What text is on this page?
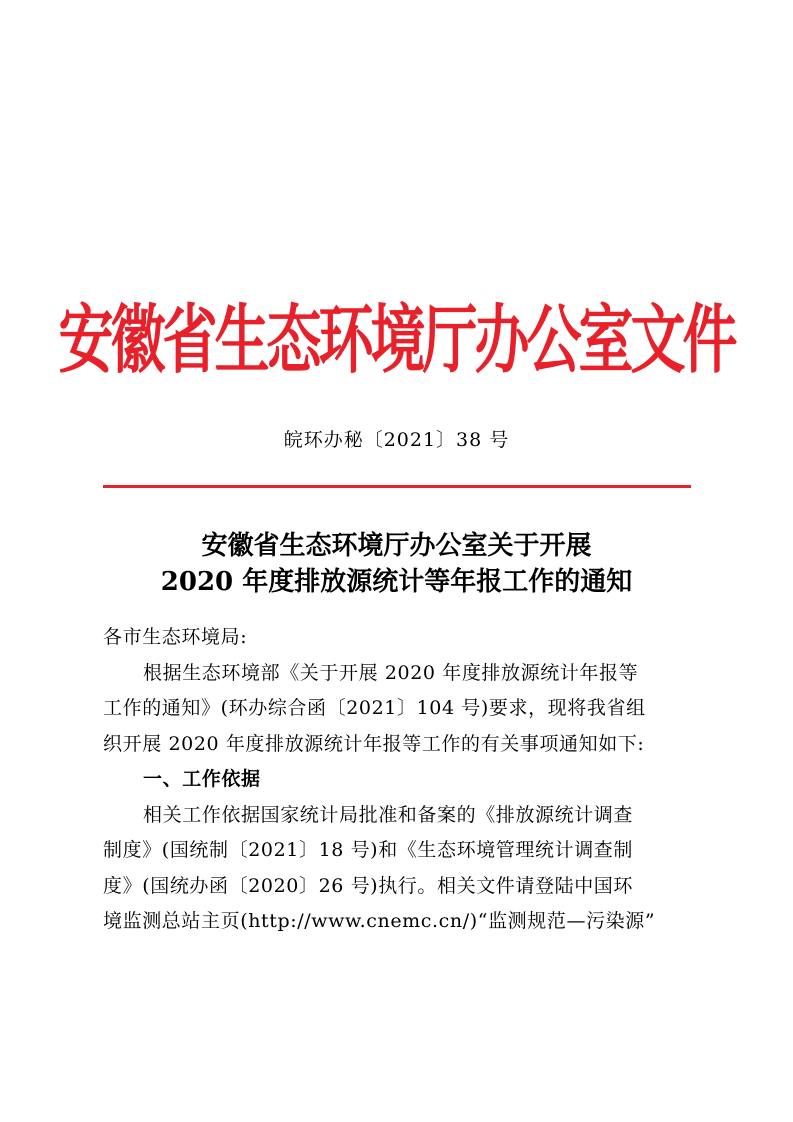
安徽省生态环境厅办公室文件
皖环办秘〔2021〕38 号
安徽省生态环境厅办公室关于开展
2020 年度排放源统计等年报工作的通知
各市生态环境局:
根据生态环境部《关于开展 2020 年度排放源统计年报等
工作的通知》(环办综合函〔2021〕104 号)要求，现将我省组
织开展 2020 年度排放源统计年报等工作的有关事项通知如下:
一、工作依据
相关工作依据国家统计局批准和备案的《排放源统计调查
制度》(国统制〔2021〕18 号)和《生态环境管理统计调查制
度》(国统办函〔2020〕26 号)执行。相关文件请登陆中国环
境监测总站主页(http://www.cnemc.cn/)“监测规范—污染源”
